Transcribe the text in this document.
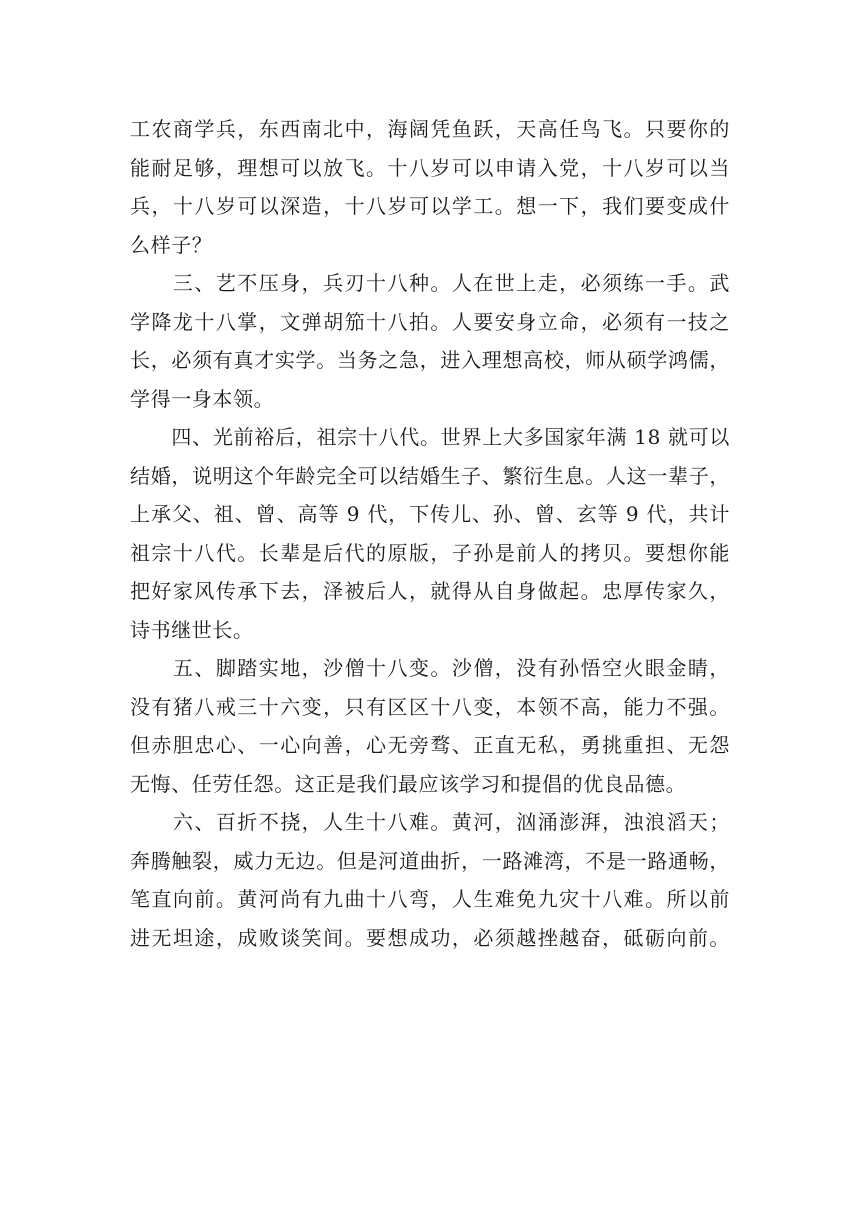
工农商学兵，东西南北中，海阔凭鱼跃，天高任鸟飞。只要你的
能耐足够，理想可以放飞。十八岁可以申请入党，十八岁可以当
兵，十八岁可以深造，十八岁可以学工。想一下，我们要变成什
么样子？
　　三、艺不压身，兵刃十八种。人在世上走，必须练一手。武
学降龙十八掌，文弹胡笳十八拍。人要安身立命，必须有一技之
长，必须有真才实学。当务之急，进入理想高校，师从硕学鸿儒，
学得一身本领。
　　四、光前裕后，祖宗十八代。世界上大多国家年满 18 就可以
结婚，说明这个年龄完全可以结婚生子、繁衍生息。人这一辈子，
上承父、祖、曾、高等 9 代，下传儿、孙、曾、玄等 9 代，共计
祖宗十八代。长辈是后代的原版，子孙是前人的拷贝。要想你能
把好家风传承下去，泽被后人，就得从自身做起。忠厚传家久，
诗书继世长。
　　五、脚踏实地，沙僧十八变。沙僧，没有孙悟空火眼金睛，
没有猪八戒三十六变，只有区区十八变，本领不高，能力不强。
但赤胆忠心、一心向善，心无旁骛、正直无私，勇挑重担、无怨
无悔、任劳任怨。这正是我们最应该学习和提倡的优良品德。
　　六、百折不挠，人生十八难。黄河，汹涌澎湃，浊浪滔天；
奔腾触裂，威力无边。但是河道曲折，一路滩湾，不是一路通畅，
笔直向前。黄河尚有九曲十八弯，人生难免九灾十八难。所以前
进无坦途，成败谈笑间。要想成功，必须越挫越奋，砥砺向前。
